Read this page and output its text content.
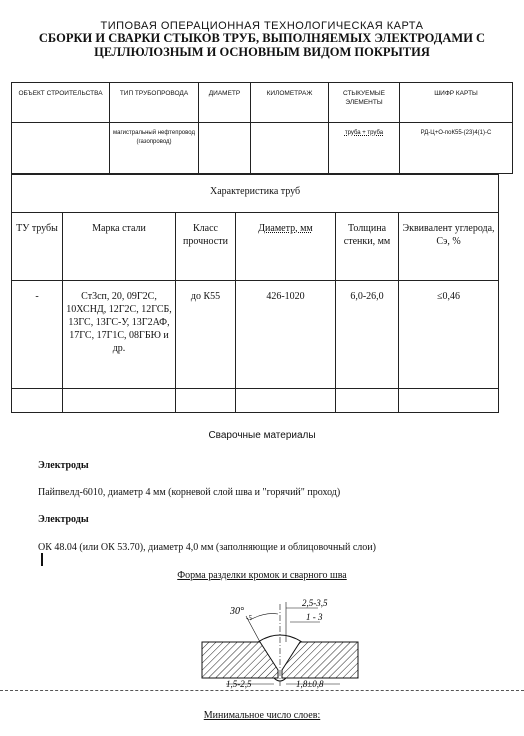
ТИПОВАЯ ОПЕРАЦИОННАЯ ТЕХНОЛОГИЧЕСКАЯ КАРТА
СБОРКИ И СВАРКИ СТЫКОВ ТРУБ, ВЫПОЛНЯЕМЫХ ЭЛЕКТРОДАМИ С
ЦЕЛЛЮЛОЗНЫМ И ОСНОВНЫМ ВИДОМ ПОКРЫТИЯ
ОБЪЕКТ СТРОИТЕЛЬСТВА	ТИП ТРУБОПРОВОДА	ДИАМЕТР	КИЛОМЕТРАЖ	СТЫКУЕМЫЕ ЭЛЕМЕНТЫ	ШИФР КАРТЫ
	магистральный нефтепровод (газопровод)			труба + труба	РД-Ц+О-поК55-(23)4(1)-С
Характеристика труб					
ТУ трубы	Марка стали	Класс прочности	Диаметр, мм	Толщина стенки, мм	Эквивалент углерода, Сэ, %
-	Ст3сп, 20, 09Г2С, 10ХСНД, 12Г2С, 12ГСБ, 13ГС, 13ГС-У, 13Г2АФ, 17ГС, 17Г1С, 08ГБЮ и др.	до К55	426-1020	6,0-26,0	≤0,46

Сварочные материалы
Электроды
Пайпвелд-6010, диаметр 4 мм (корневой слой шва и "горячий" проход)
Электроды
ОК 48.04 (или ОК 53.70), диаметр 4,0 мм (заполняющие и облицовочный слои)
Форма разделки кромок и сварного шва
30°
-5
2,5-3,5
1 - 3
1,5-2,5	1,8±0,8
Минимальное число слоев:
